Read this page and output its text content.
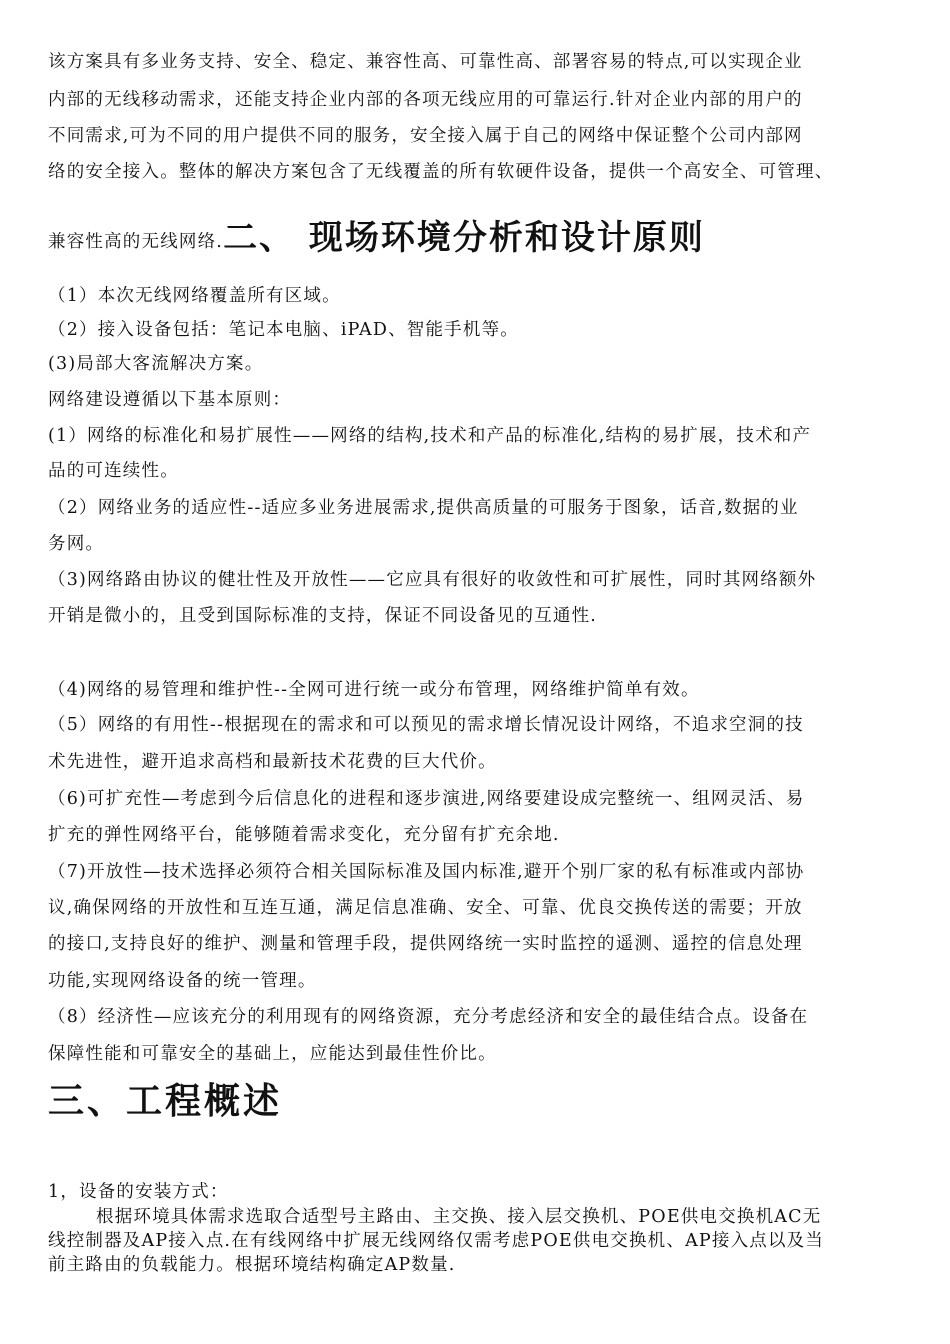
该方案具有多业务支持、安全、稳定、兼容性高、可靠性高、部署容易的特点,可以实现企业
内部的无线移动需求，还能支持企业内部的各项无线应用的可靠运行.针对企业内部的用户的
不同需求,可为不同的用户提供不同的服务，安全接入属于自己的网络中保证整个公司内部网
络的安全接入。整体的解决方案包含了无线覆盖的所有软硬件设备，提供一个高安全、可管理、
兼容性高的无线网络.二、 现场环境分析和设计原则
（1）本次无线网络覆盖所有区域。
（2）接入设备包括：笔记本电脑、iPAD、智能手机等。
(3)局部大客流解决方案。
网络建设遵循以下基本原则：
(1）网络的标准化和易扩展性——网络的结构,技术和产品的标准化,结构的易扩展，技术和产
品的可连续性。
（2）网络业务的适应性--适应多业务进展需求,提供高质量的可服务于图象，话音,数据的业
务网。
（3)网络路由协议的健壮性及开放性——它应具有很好的收敛性和可扩展性，同时其网络额外
开销是微小的，且受到国际标准的支持，保证不同设备见的互通性.
（4)网络的易管理和维护性--全网可进行统一或分布管理，网络维护简单有效。
（5）网络的有用性--根据现在的需求和可以预见的需求增长情况设计网络，不追求空洞的技
术先进性，避开追求高档和最新技术花费的巨大代价。
（6)可扩充性—考虑到今后信息化的进程和逐步演进,网络要建设成完整统一、组网灵活、易
扩充的弹性网络平台，能够随着需求变化，充分留有扩充余地.
（7)开放性—技术选择必须符合相关国际标准及国内标准,避开个别厂家的私有标准或内部协
议,确保网络的开放性和互连互通，满足信息准确、安全、可靠、优良交换传送的需要；开放
的接口,支持良好的维护、测量和管理手段，提供网络统一实时监控的遥测、遥控的信息处理
功能,实现网络设备的统一管理。
（8）经济性—应该充分的利用现有的网络资源，充分考虑经济和安全的最佳结合点。设备在
保障性能和可靠安全的基础上，应能达到最佳性价比。
三、工程概述
1，设备的安装方式：
根据环境具体需求选取合适型号主路由、主交换、接入层交换机、POE供电交换机AC无
线控制器及AP接入点.在有线网络中扩展无线网络仅需考虑POE供电交换机、AP接入点以及当
前主路由的负载能力。根据环境结构确定AP数量.
